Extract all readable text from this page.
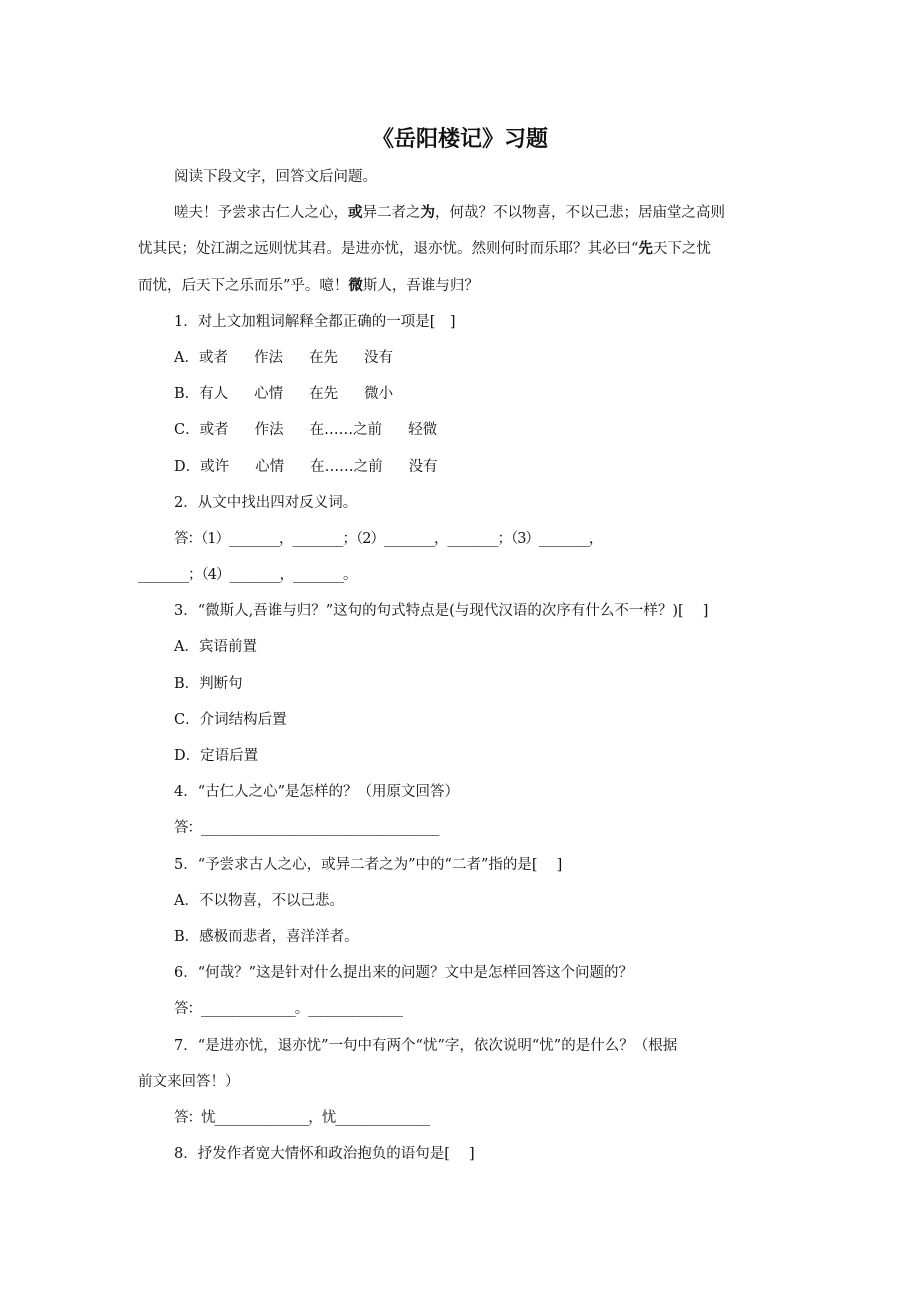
《岳阳楼记》习题
阅读下段文字，回答文后问题。
嗟夫！予尝求古仁人之心，或异二者之为，何哉？不以物喜，不以己悲；居庙堂之高则
忧其民；处江湖之远则忧其君。是进亦忧，退亦忧。然则何时而乐耶？其必曰“先天下之忧
而忧，后天下之乐而乐”乎。噫！微斯人，吾谁与归？
1．对上文加粗词解释全都正确的一项是[　]
A．或者 作法 在先 没有
B．有人 心情 在先 微小
C．或者 作法 在……之前 轻微
D．或许 心情 在……之前 没有
2．从文中找出四对反义词。
答：（1）________，________；（2）________，________；（3）________，
________；（4）________，________。
3．“微斯人,吾谁与归？”这句的句式特点是(与现代汉语的次序有什么不一样？)[　 ]
A．宾语前置
B．判断句
C．介词结构后置
D．定语后置
4．“古仁人之心”是怎样的？（用原文回答）
答：______________________________________
5．“予尝求古人之心，或异二者之为”中的“二者”指的是[　 ]
A．不以物喜，不以己悲。
B．感极而悲者，喜洋洋者。
6．“何哉？”这是针对什么提出来的问题？文中是怎样回答这个问题的？
答：_______________。_______________
7．“是进亦忧，退亦忧”一句中有两个“忧”字，依次说明“忧”的是什么？（根据
前文来回答！）
答：忧_______________，忧_______________
8．抒发作者宽大情怀和政治抱负的语句是[　 ]
